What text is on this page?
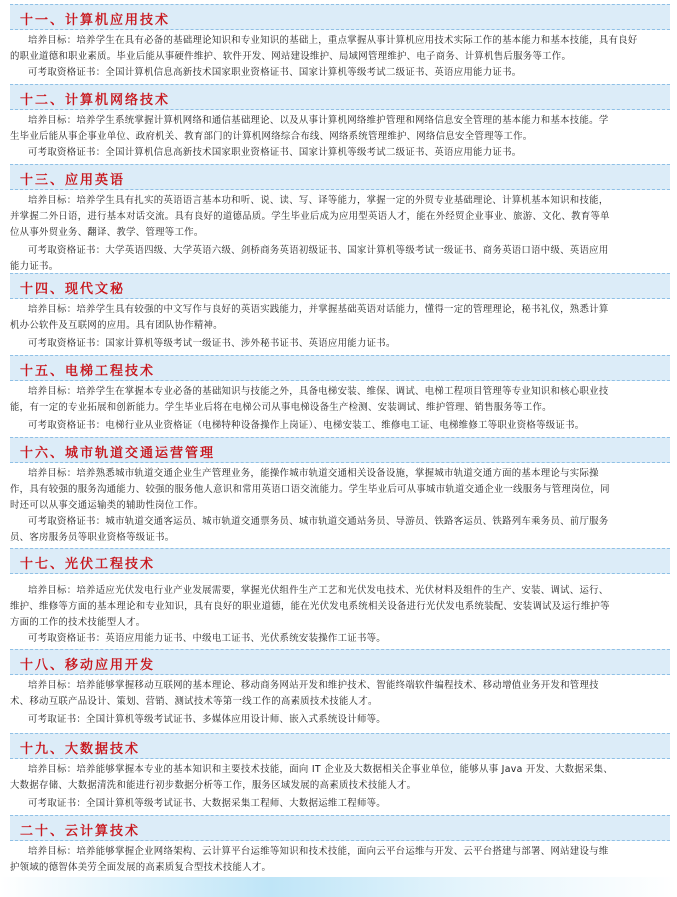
十一、计算机应用技术
培养目标：培养学生在具有必备的基础理论知识和专业知识的基础上，重点掌握从事计算机应用技术实际工作的基本能力和基本技能，具有良好
的职业道德和职业素质。毕业后能从事硬件维护、软件开发、网站建设维护、局域网管理维护、电子商务、计算机售后服务等工作。
可考取资格证书：全国计算机信息高新技术国家职业资格证书、国家计算机等级考试二级证书、英语应用能力证书。
十二、计算机网络技术
培养目标：培养学生系统掌握计算机网络和通信基础理论、以及从事计算机网络维护管理和网络信息安全管理的基本能力和基本技能。学
生毕业后能从事企事业单位、政府机关、教育部门的计算机网络综合布线、网络系统管理维护、网络信息安全管理等工作。
可考取资格证书：全国计算机信息高新技术国家职业资格证书、国家计算机等级考试二级证书、英语应用能力证书。
十三、应用英语
培养目标：培养学生具有扎实的英语语言基本功和听、说、读、写、译等能力，掌握一定的外贸专业基础理论、计算机基本知识和技能，
并掌握二外日语，进行基本对话交流。具有良好的道德品质。学生毕业后成为应用型英语人才，能在外经贸企业事业、旅游、文化、教育等单
位从事外贸业务、翻译、教学、管理等工作。
可考取资格证书：大学英语四级、大学英语六级、剑桥商务英语初级证书、国家计算机等级考试一级证书、商务英语口语中级、英语应用
能力证书。
十四、现代文秘
培养目标：培养学生具有较强的中文写作与良好的英语实践能力，并掌握基础英语对话能力，懂得一定的管理理论，秘书礼仪，熟悉计算
机办公软件及互联网的应用。具有团队协作精神。
可考取资格证书：国家计算机等级考试一级证书、涉外秘书证书、英语应用能力证书。
十五、电梯工程技术
培养目标：培养学生在掌握本专业必备的基础知识与技能之外，具备电梯安装、维保、调试、电梯工程项目管理等专业知识和核心职业技
能，有一定的专业拓展和创新能力。学生毕业后将在电梯公司从事电梯设备生产检测、安装调试、维护管理、销售服务等工作。
可考取资格证书：电梯行业从业资格证（电梯特种设备操作上岗证）、电梯安装工、维修电工证、电梯维修工等职业资格等级证书。
十六、城市轨道交通运营管理
培养目标：培养熟悉城市轨道交通企业生产管理业务，能操作城市轨道交通相关设备设施，掌握城市轨道交通方面的基本理论与实际操
作，具有较强的服务沟通能力、较强的服务他人意识和常用英语口语交流能力。学生毕业后可从事城市轨道交通企业一线服务与管理岗位，同
时还可以从事交通运输类的辅助性岗位工作。
可考取资格证书：城市轨道交通客运员、城市轨道交通票务员、城市轨道交通站务员、导游员、铁路客运员、铁路列车乘务员、前厅服务
员、客房服务员等职业资格等级证书。
十七、光伏工程技术
培养目标：培养适应光伏发电行业产业发展需要，掌握光伏组件生产工艺和光伏发电技术、光伏材料及组件的生产、安装、调试、运行、
维护、维修等方面的基本理论和专业知识，具有良好的职业道德，能在光伏发电系统相关设备进行光伏发电系统装配、安装调试及运行维护等
方面的工作的技术技能型人才。
可考取资格证书：英语应用能力证书、中级电工证书、光伏系统安装操作工证书等。
十八、移动应用开发
培养目标：培养能够掌握移动互联网的基本理论、移动商务网站开发和维护技术、智能终端软件编程技术、移动增值业务开发和管理技
术、移动互联产品设计、策划、营销、测试技术等第一线工作的高素质技术技能人才。
可考取证书：全国计算机等级考试证书、多媒体应用设计师、嵌入式系统设计师等。
十九、大数据技术
培养目标：培养能够掌握本专业的基本知识和主要技术技能，面向 IT 企业及大数据相关企事业单位，能够从事 Java 开发、大数据采集、
大数据存储、大数据清洗和能进行初步数据分析等工作，服务区域发展的高素质技术技能人才。
可考取证书：全国计算机等级考试证书、大数据采集工程师、大数据运维工程师等。
二十、云计算技术
培养目标：培养能够掌握企业网络架构、云计算平台运维等知识和技术技能，面向云平台运维与开发、云平台搭建与部署、网站建设与维
护领域的德智体美劳全面发展的高素质复合型技术技能人才。
